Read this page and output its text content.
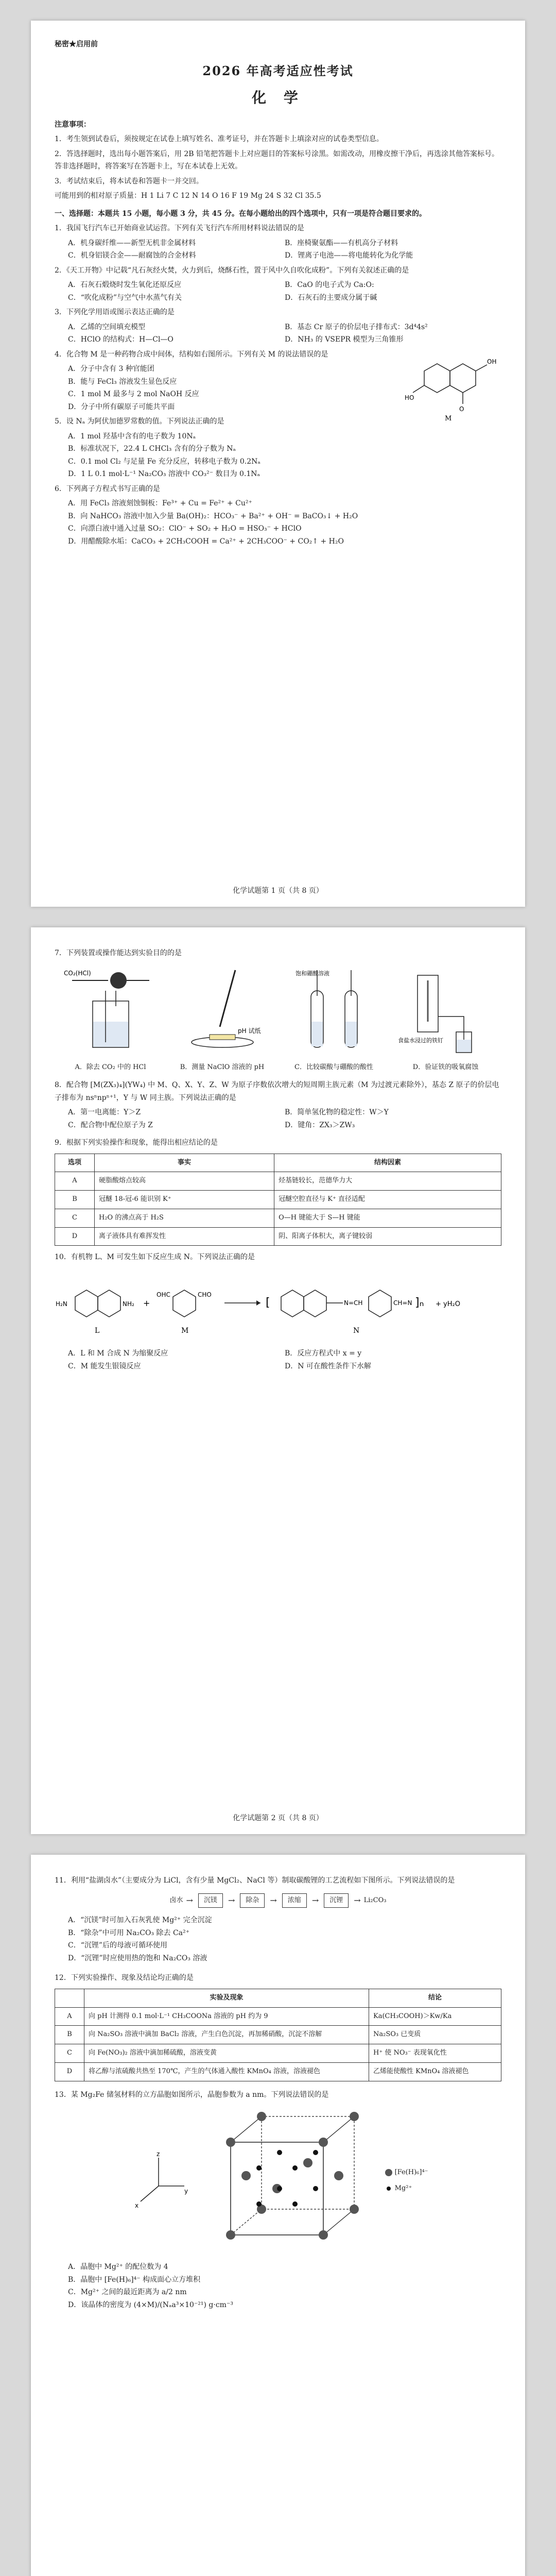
秘密★启用前
2026 年高考适应性考试
化 学
注意事项：
1．考生领到试卷后，须按规定在试卷上填写姓名、准考证号，并在答题卡上填涂对应的试卷类型信息。
2．答选择题时，选出每小题答案后，用 2B 铅笔把答题卡上对应题目的答案标号涂黑。如需改动，用橡皮擦干净后，再选涂其他答案标号。答非选择题时，将答案写在答题卡上，写在本试卷上无效。
3．考试结束后，将本试卷和答题卡一并交回。
可能用到的相对原子质量：H 1 Li 7 C 12 N 14 O 16 F 19 Mg 24 S 32 Cl 35.5
一、选择题：本题共 15 小题，每小题 3 分，共 45 分。在每小题给出的四个选项中，只有一项是符合题目要求的。
1．我国飞行汽车已开始商业试运营。下列有关飞行汽车所用材料说法错误的是
A．机身碳纤维——新型无机非金属材料	B．座椅聚氨酯——有机高分子材料
C．机身铝镁合金——耐腐蚀的合金材料	D．锂离子电池——将电能转化为化学能
2．《天工开物》中记载“凡石灰经火焚，火力到后，烧酥石性，置于风中久自吹化成粉”。下列有关叙述正确的是
A．石灰石煅烧时发生氧化还原反应	B．CaO 的电子式为 Ca:O:
C．“吹化成粉”与空气中水蒸气有关	D．石灰石的主要成分属于碱
3．下列化学用语或图示表达正确的是
A．乙烯的空间填充模型	B．基态 Cr 原子的价层电子排布式：3d⁴4s²
C．HClO 的结构式：H—Cl—O	D．NH₃ 的 VSEPR 模型为三角锥形
4．化合物 M 是一种药物合成中间体，结构如右图所示。下列有关 M 的说法错误的是
A．分子中含有 3 种官能团
B．能与 FeCl₃ 溶液发生显色反应
C．1 mol M 最多与 2 mol NaOH 反应
D．分子中所有碳原子可能共平面
OH
HO
O
M
5．设 Nₐ 为阿伏加德罗常数的值。下列说法正确的是
A．1 mol 羟基中含有的电子数为 10Nₐ
B．标准状况下，22.4 L CHCl₃ 含有的分子数为 Nₐ
C．0.1 mol Cl₂ 与足量 Fe 充分反应，转移电子数为 0.2Nₐ
D．1 L 0.1 mol·L⁻¹ Na₂CO₃ 溶液中 CO₃²⁻ 数目为 0.1Nₐ
6．下列离子方程式书写正确的是
A．用 FeCl₃ 溶液刻蚀铜板：Fe³⁺ + Cu = Fe²⁺ + Cu²⁺
B．向 NaHCO₃ 溶液中加入少量 Ba(OH)₂：HCO₃⁻ + Ba²⁺ + OH⁻ = BaCO₃↓ + H₂O
C．向漂白液中通入过量 SO₂：ClO⁻ + SO₂ + H₂O = HSO₃⁻ + HClO
D．用醋酸除水垢：CaCO₃ + 2CH₃COOH = Ca²⁺ + 2CH₃COO⁻ + CO₂↑ + H₂O
化学试题第 1 页（共 8 页）
7．下列装置或操作能达到实验目的的是
CO₂(HCl)
A．除去 CO₂ 中的 HCl
pH 试纸
B．测量 NaClO 溶液的 pH
饱和硼酸溶液
C．比较碳酸与硼酸的酸性
食盐水浸过的铁钉
D．验证铁的吸氧腐蚀
8．配合物 [M(ZX₃)₄](YW₄) 中 M、Q、X、Y、Z、W 为原子序数依次增大的短周期主族元素（M 为过渡元素除外），基态 Z 原子的价层电子排布为 nsⁿnpⁿ⁺¹，Y 与 W 同主族。下列说法正确的是
A．第一电离能：Y＞Z	B．简单氢化物的稳定性：W＞Y
C．配合物中配位原子为 Z	D．键角：ZX₃＞ZW₃
9．根据下列实验操作和现象，能得出相应结论的是
选项	事实	结构因素
A	硬脂酸熔点较高	烃基链较长，范德华力大
B	冠醚 18-冠-6 能识别 K⁺	冠醚空腔直径与 K⁺ 直径适配
C	H₂O 的沸点高于 H₂S	O—H 键能大于 S—H 键能
D	离子液体具有难挥发性	阴、阳离子体积大，离子键较弱
10．有机物 L、M 可发生如下反应生成 N。下列说法正确的是
H₂N	NH₂
L
+
OHC	CHO
M
[	N=CH	CH=N ]ₙ + yH₂O
N
A．L 和 M 合成 N 为缩聚反应	B．反应方程式中 x = y
C．M 能发生银镜反应	D．N 可在酸性条件下水解
化学试题第 2 页（共 8 页）
11．利用“盐湖卤水”（主要成分为 LiCl，含有少量 MgCl₂、NaCl 等）制取碳酸锂的工艺流程如下图所示。下列说法错误的是
卤水 →	沉镁	→	除杂	→	浓缩	→	沉锂	→ Li₂CO₃
A．“沉镁”时可加入石灰乳使 Mg²⁺ 完全沉淀
B．“除杂”中可用 Na₂CO₃ 除去 Ca²⁺
C．“沉锂”后的母液可循环使用
D．“沉锂”时应使用热的饱和 Na₂CO₃ 溶液
12．下列实验操作、现象及结论均正确的是
	实验及现象	结论
A	向 pH 计测得 0.1 mol·L⁻¹ CH₃COONa 溶液的 pH 约为 9	Ka(CH₃COOH)＞Kw/Ka
B	向 Na₂SO₃ 溶液中滴加 BaCl₂ 溶液，产生白色沉淀，再加稀硝酸，沉淀不溶解	Na₂SO₃ 已变质
C	向 Fe(NO₃)₂ 溶液中滴加稀硫酸，溶液变黄	H⁺ 使 NO₃⁻ 表现氧化性
D	将乙醇与浓硫酸共热至 170℃，产生的气体通入酸性 KMnO₄ 溶液，溶液褪色	乙烯能使酸性 KMnO₄ 溶液褪色
13．某 Mg₂Fe 储氢材料的立方晶胞如图所示，晶胞参数为 a nm。下列说法错误的是
z
y
x
[Fe(H)₆]⁴⁻
Mg²⁺
A．晶胞中 Mg²⁺ 的配位数为 4
B．晶胞中 [Fe(H)₆]⁴⁻ 构成面心立方堆积
C．Mg²⁺ 之间的最近距离为 a/2 nm
D．该晶体的密度为 (4×M)/(Nₐa³×10⁻²¹) g·cm⁻³
